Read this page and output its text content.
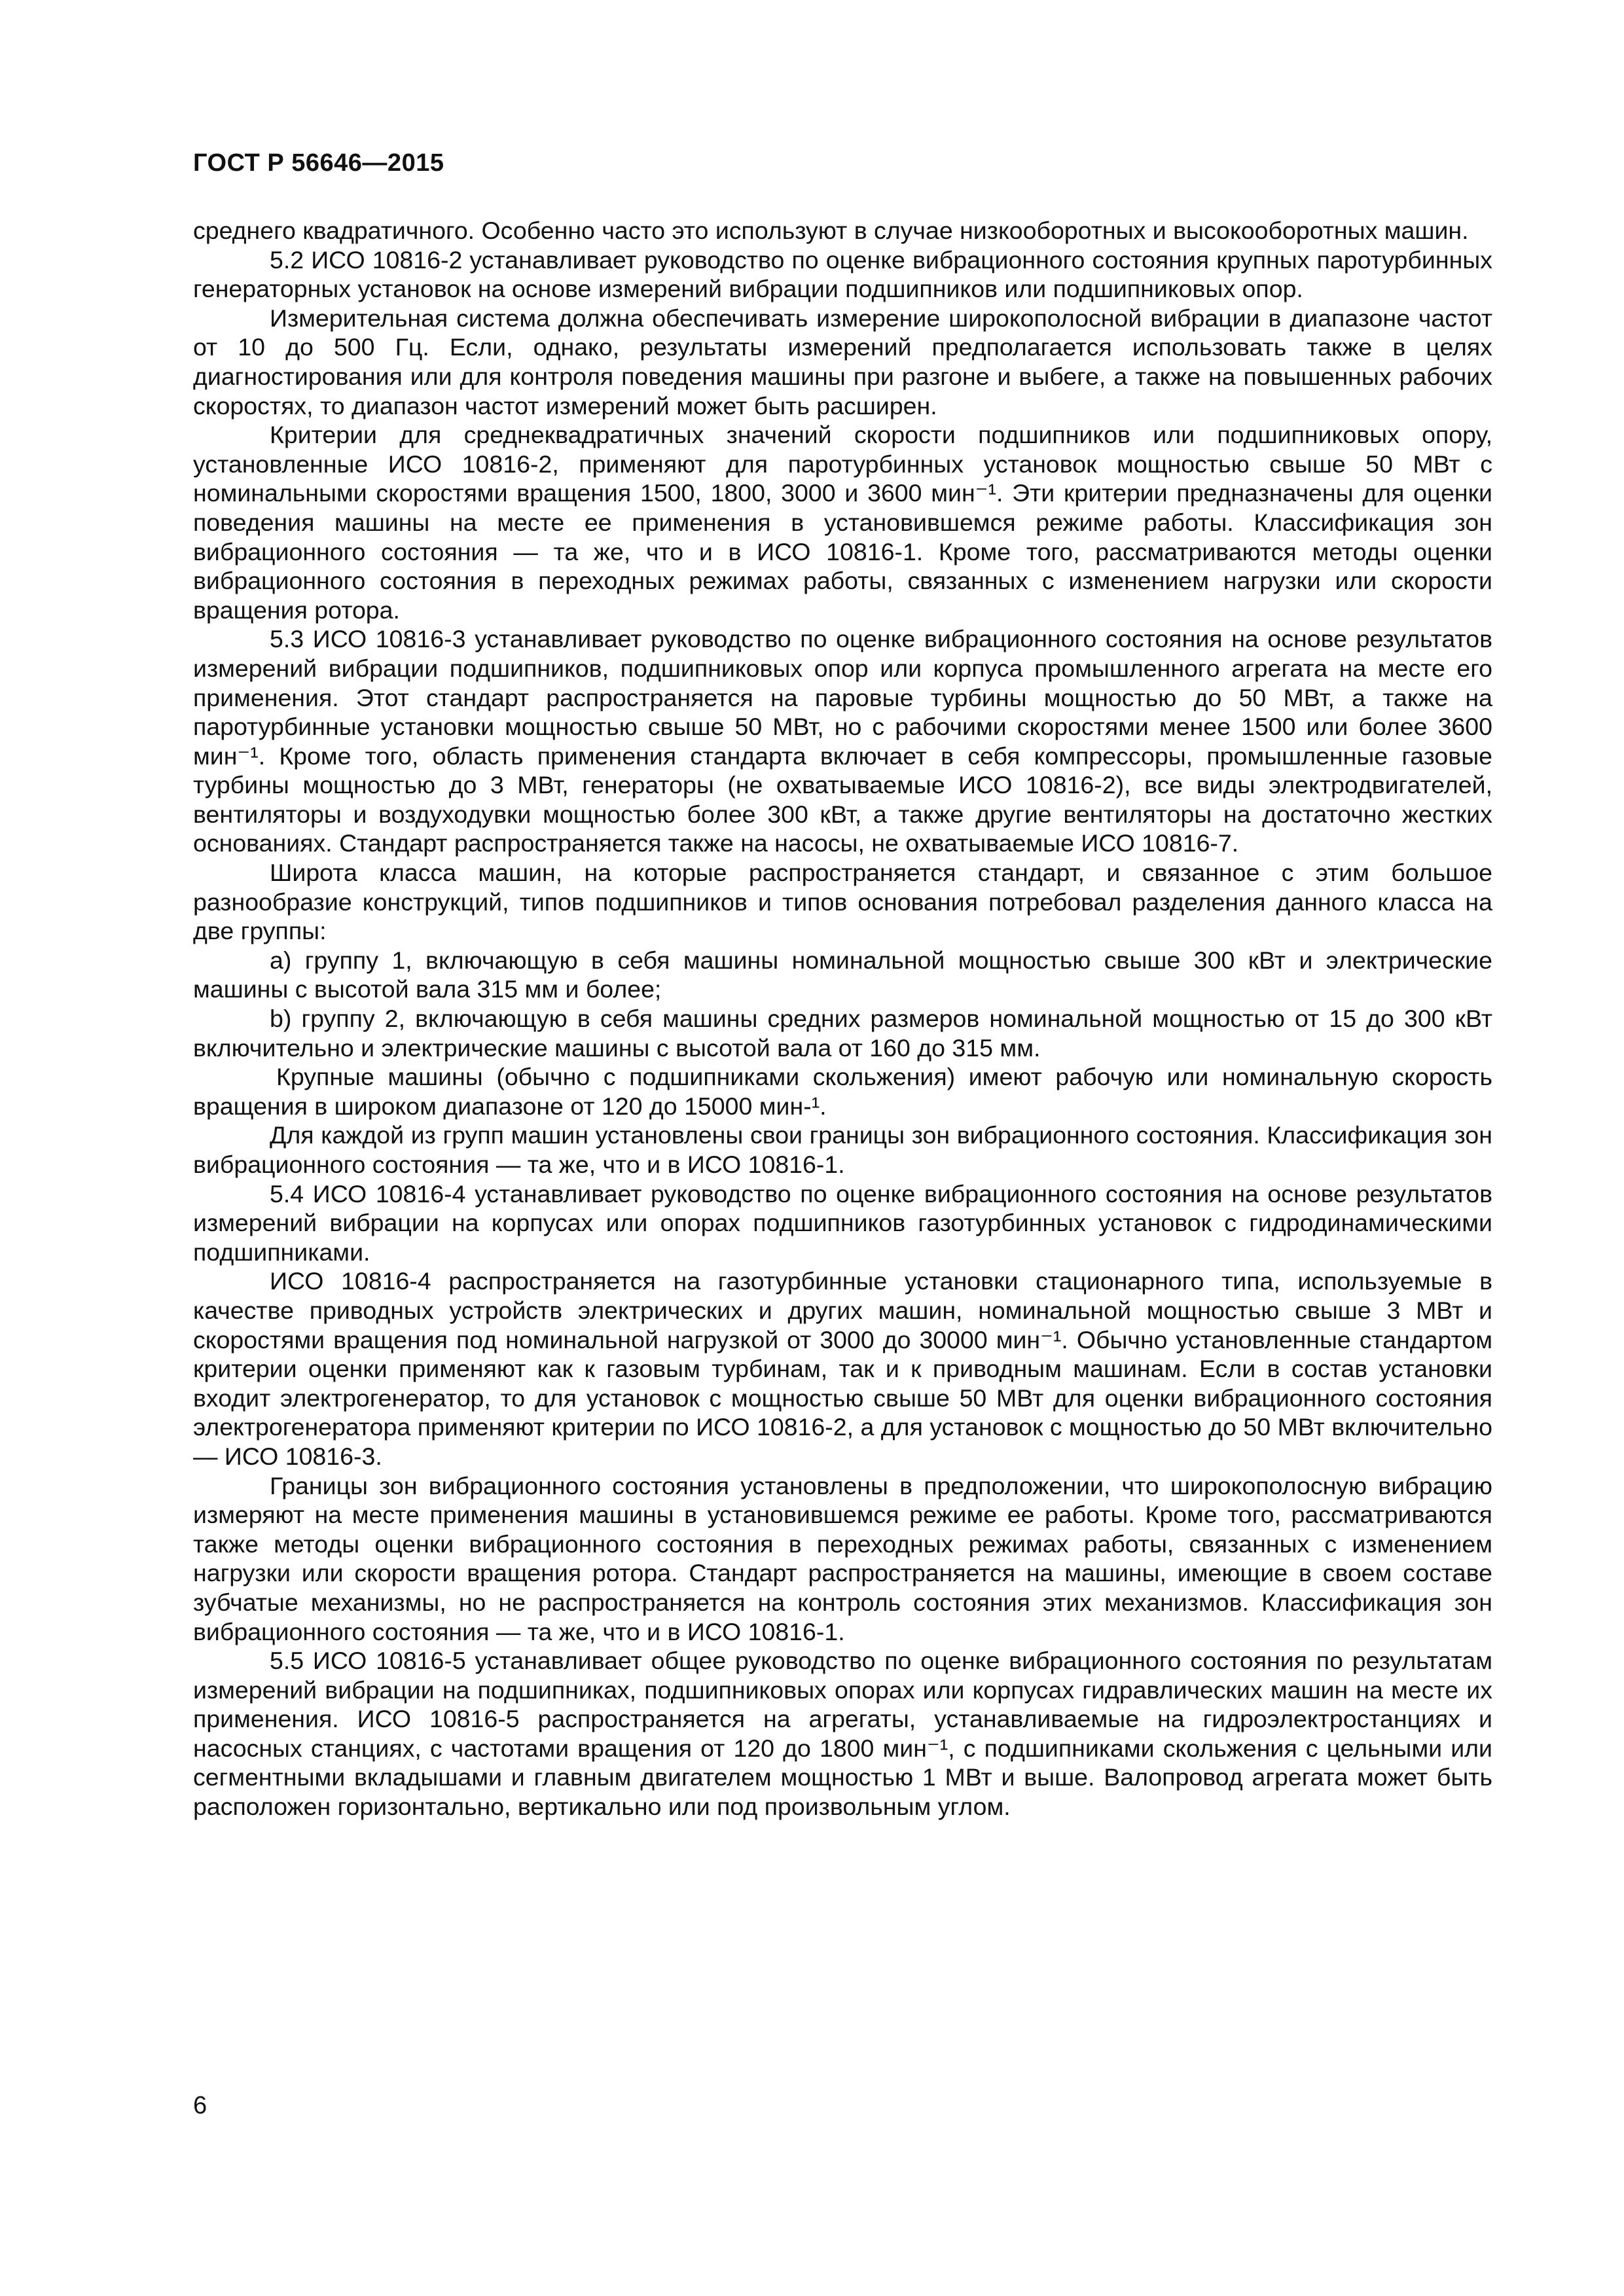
ГОСТ Р 56646—2015

среднего квадратичного. Особенно часто это используют в случае низкооборотных и высокооборотных машин.

5.2 ИСО 10816-2 устанавливает руководство по оценке вибрационного состояния крупных паротурбинных генераторных установок на основе измерений вибрации подшипников или подшипниковых опор.

Измерительная система должна обеспечивать измерение широкополосной вибрации в диапазоне частот от 10 до 500 Гц. Если, однако, результаты измерений предполагается использовать также в целях диагностирования или для контроля поведения машины при разгоне и выбеге, а также на повышенных рабочих скоростях, то диапазон частот измерений может быть расширен.

Критерии для среднеквадратичных значений скорости подшипников или подшипниковых опору, установленные ИСО 10816-2, применяют для паротурбинных установок мощностью свыше 50 МВт с номинальными скоростями вращения 1500, 1800, 3000 и 3600 мин⁻¹. Эти критерии предназначены для оценки поведения машины на месте ее применения в установившемся режиме работы. Классификация зон вибрационного состояния — та же, что и в ИСО 10816-1. Кроме того, рассматриваются методы оценки вибрационного состояния в переходных режимах работы, связанных с изменением нагрузки или скорости вращения ротора.

5.3 ИСО 10816-3 устанавливает руководство по оценке вибрационного состояния на основе результатов измерений вибрации подшипников, подшипниковых опор или корпуса промышленного агрегата на месте его применения. Этот стандарт распространяется на паровые турбины мощностью до 50 МВт, а также на паротурбинные установки мощностью свыше 50 МВт, но с рабочими скоростями менее 1500 или более 3600 мин⁻¹. Кроме того, область применения стандарта включает в себя компрессоры, промышленные газовые турбины мощностью до 3 МВт, генераторы (не охватываемые ИСО 10816-2), все виды электродвигателей, вентиляторы и воздуходувки мощностью более 300 кВт, а также другие вентиляторы на достаточно жестких основаниях. Стандарт распространяется также на насосы, не охватываемые ИСО 10816-7.

Широта класса машин, на которые распространяется стандарт, и связанное с этим большое разнообразие конструкций, типов подшипников и типов основания потребовал разделения данного класса на две группы:

a) группу 1, включающую в себя машины номинальной мощностью свыше 300 кВт и электрические машины с высотой вала 315 мм и более;

b) группу 2, включающую в себя машины средних размеров номинальной мощностью от 15 до 300 кВт включительно и электрические машины с высотой вала от 160 до 315 мм.

Крупные машины (обычно с подшипниками скольжения) имеют рабочую или номинальную скорость вращения в широком диапазоне от 120 до 15000 мин-¹.

Для каждой из групп машин установлены свои границы зон вибрационного состояния. Классификация зон вибрационного состояния — та же, что и в ИСО 10816-1.

5.4 ИСО 10816-4 устанавливает руководство по оценке вибрационного состояния на основе результатов измерений вибрации на корпусах или опорах подшипников газотурбинных установок с гидродинамическими подшипниками.

ИСО 10816-4 распространяется на газотурбинные установки стационарного типа, используемые в качестве приводных устройств электрических и других машин, номинальной мощностью свыше 3 МВт и скоростями вращения под номинальной нагрузкой от 3000 до 30000 мин⁻¹. Обычно установленные стандартом критерии оценки применяют как к газовым турбинам, так и к приводным машинам. Если в состав установки входит электрогенератор, то для установок с мощностью свыше 50 МВт для оценки вибрационного состояния электрогенератора применяют критерии по ИСО 10816-2, а для установок с мощностью до 50 МВт включительно — ИСО 10816-3.

Границы зон вибрационного состояния установлены в предположении, что широкополосную вибрацию измеряют на месте применения машины в установившемся режиме ее работы. Кроме того, рассматриваются также методы оценки вибрационного состояния в переходных режимах работы, связанных с изменением нагрузки или скорости вращения ротора. Стандарт распространяется на машины, имеющие в своем составе зубчатые механизмы, но не распространяется на контроль состояния этих механизмов. Классификация зон вибрационного состояния — та же, что и в ИСО 10816-1.

5.5 ИСО 10816-5 устанавливает общее руководство по оценке вибрационного состояния по результатам измерений вибрации на подшипниках, подшипниковых опорах или корпусах гидравлических машин на месте их применения. ИСО 10816-5 распространяется на агрегаты, устанавливаемые на гидроэлектростанциях и насосных станциях, с частотами вращения от 120 до 1800 мин⁻¹, с подшипниками скольжения с цельными или сегментными вкладышами и главным двигателем мощностью 1 МВт и выше. Валопровод агрегата может быть расположен горизонтально, вертикально или под произвольным углом.

6
